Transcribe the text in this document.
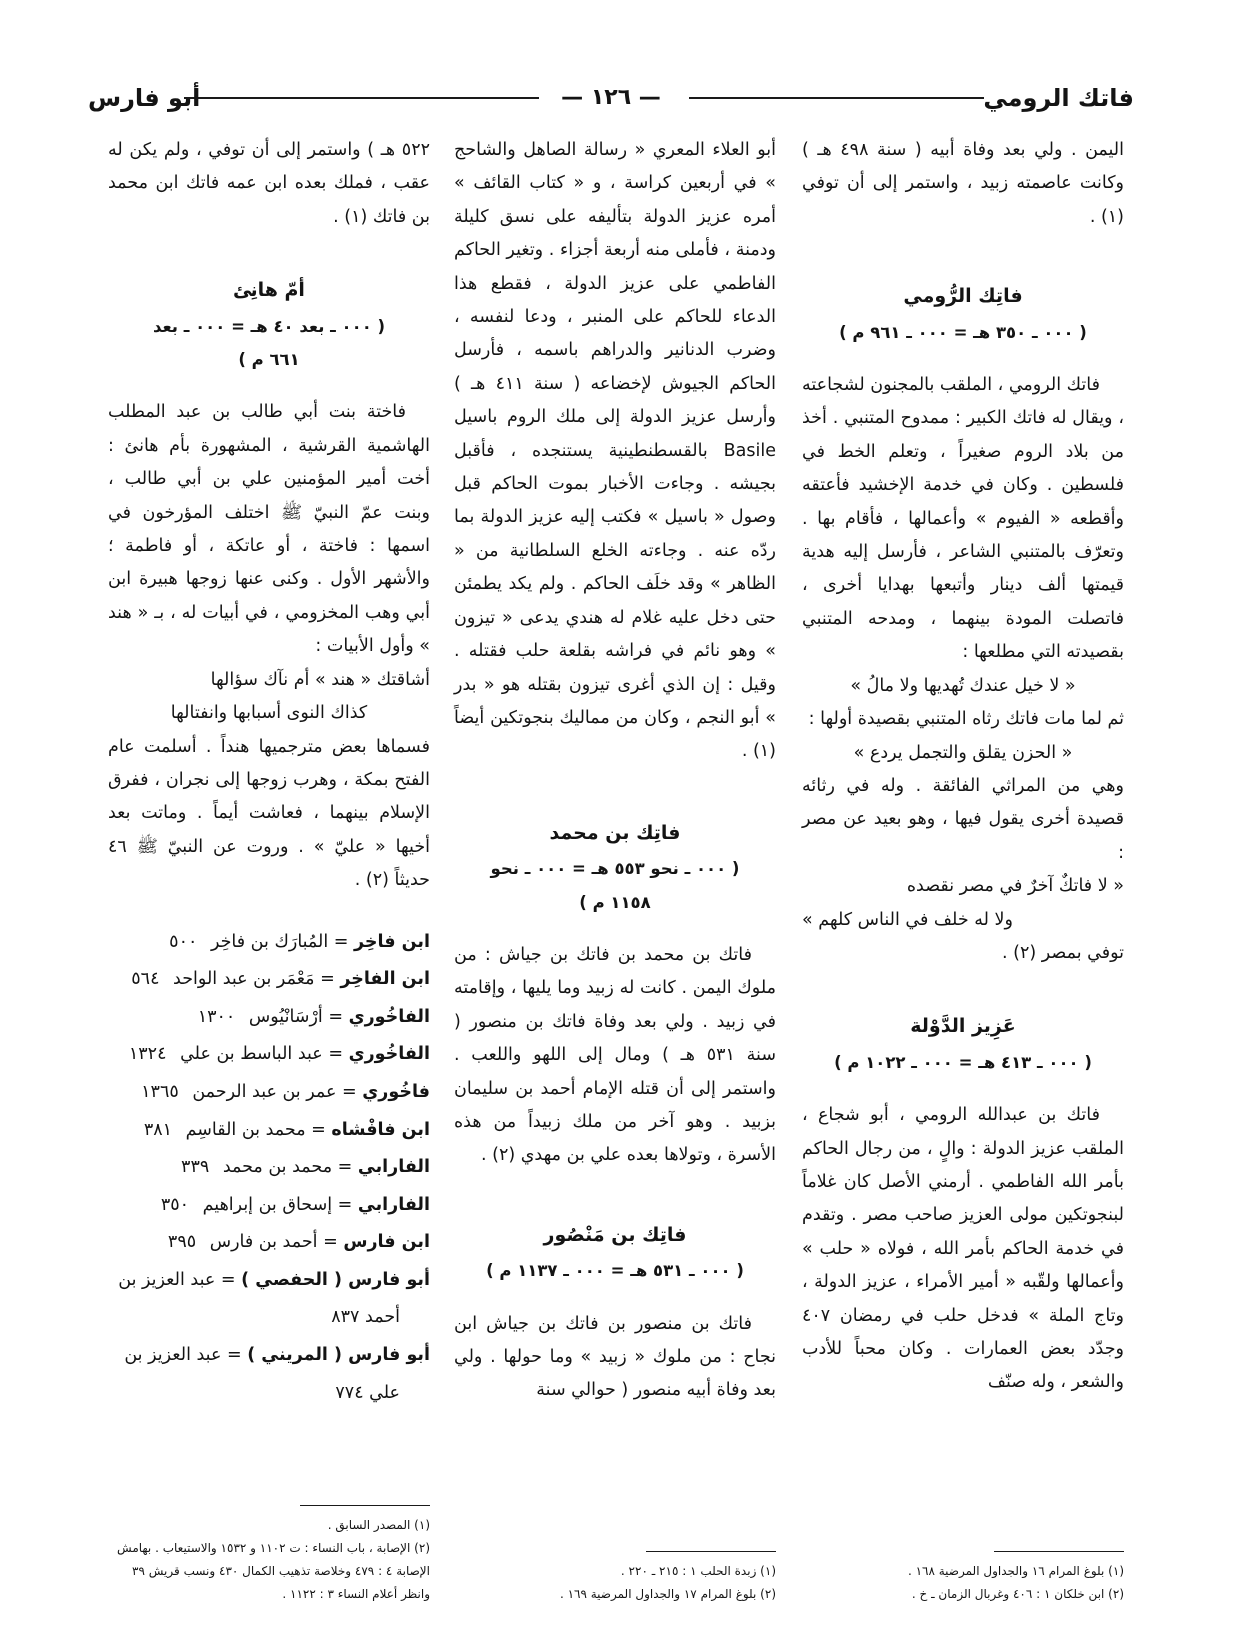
فاتك الرومي
— ١٢٦ —
أبو فارس

اليمن . ولي بعد وفاة أبيه ( سنة ٤٩٨ هـ ) وكانت عاصمته زبيد ، واستمر إلى أن توفي (١) .

فاتِك الرُّومي
( ٠٠٠ ـ ٣٥٠ هـ = ٠٠٠ ـ ٩٦١ م )

فاتك الرومي ، الملقب بالمجنون لشجاعته ، ويقال له فاتك الكبير : ممدوح المتنبي . أخذ من بلاد الروم صغيراً ، وتعلم الخط في فلسطين . وكان في خدمة الإخشيد فأعتقه وأقطعه « الفيوم » وأعمالها ، فأقام بها . وتعرّف بالمتنبي الشاعر ، فأرسل إليه هدية قيمتها ألف دينار وأتبعها بهدايا أخرى ، فاتصلت المودة بينهما ، ومدحه المتنبي بقصيدته التي مطلعها :

« لا خيل عندك تُهديها ولا مالُ »

ثم لما مات فاتك رثاه المتنبي بقصيدة أولها :

« الحزن يقلق والتجمل يردع »

وهي من المراثي الفائقة . وله في رثائه قصيدة أخرى يقول فيها ، وهو بعيد عن مصر :

« لا فاتكٌ آخرٌ في مصر نقصده

ولا له خلف في الناس كلهم »

توفي بمصر (٢) .

عَزِيز الدَّوْلة
( ٠٠٠ ـ ٤١٣ هـ = ٠٠٠ ـ ١٠٢٢ م )

فاتك بن عبدالله الرومي ، أبو شجاع ، الملقب عزيز الدولة : والٍ ، من رجال الحاكم بأمر الله الفاطمي . أرمني الأصل كان غلاماً لبنجوتكين مولى العزيز صاحب مصر . وتقدم في خدمة الحاكم بأمر الله ، فولاه « حلب » وأعمالها ولقّبه « أمير الأمراء ، عزيز الدولة ، وتاج الملة » فدخل حلب في رمضان ٤٠٧ وجدّد بعض العمارات . وكان محباً للأدب والشعر ، وله صنّف

(١) بلوغ المرام ١٦ والجداول المرضية ١٦٨ .

(٢) ابن خلكان ١ : ٤٠٦ وغربال الزمان ـ خ .

أبو العلاء المعري « رسالة الصاهل والشاحج » في أربعين كراسة ، و « كتاب القائف » أمره عزيز الدولة بتأليفه على نسق كليلة ودمنة ، فأملى منه أربعة أجزاء . وتغير الحاكم الفاطمي على عزيز الدولة ، فقطع هذا الدعاء للحاكم على المنبر ، ودعا لنفسه ، وضرب الدنانير والدراهم باسمه ، فأرسل الحاكم الجيوش لإخضاعه ( سنة ٤١١ هـ ) وأرسل عزيز الدولة إلى ملك الروم باسيل Basile بالقسطنطينية يستنجده ، فأقبل بجيشه . وجاءت الأخبار بموت الحاكم قبل وصول « باسيل » فكتب إليه عزيز الدولة بما ردّه عنه . وجاءته الخلع السلطانية من « الظاهر » وقد خلَف الحاكم . ولم يكد يطمئن حتى دخل عليه غلام له هندي يدعى « تيزون » وهو نائم في فراشه بقلعة حلب فقتله . وقيل : إن الذي أغرى تيزون بقتله هو « بدر » أبو النجم ، وكان من مماليك بنجوتكين أيضاً (١) .

فاتِك بن محمد
( ٠٠٠ ـ نحو ٥٥٣ هـ = ٠٠٠ ـ نحو
١١٥٨ م )

فاتك بن محمد بن فاتك بن جياش : من ملوك اليمن . كانت له زبيد وما يليها ، وإقامته في زبيد . ولي بعد وفاة فاتك بن منصور ( سنة ٥٣١ هـ ) ومال إلى اللهو واللعب . واستمر إلى أن قتله الإمام أحمد بن سليمان بزبيد . وهو آخر من ملك زبيداً من هذه الأسرة ، وتولاها بعده علي بن مهدي (٢) .

فاتِك بن مَنْصُور
( ٠٠٠ ـ ٥٣١ هـ = ٠٠٠ ـ ١١٣٧ م )

فاتك بن منصور بن فاتك بن جياش ابن نجاح : من ملوك « زبيد » وما حولها . ولي بعد وفاة أبيه منصور ( حوالي سنة

(١) زبدة الحلب ١ : ٢١٥ ـ ٢٢٠ .

(٢) بلوغ المرام ١٧ والجداول المرضية ١٦٩ .

٥٢٢ هـ ) واستمر إلى أن توفي ، ولم يكن له عقب ، فملك بعده ابن عمه فاتك ابن محمد بن فاتك (١) .

أمّ هانِئ
( ٠٠٠ ـ بعد ٤٠ هـ = ٠٠٠ ـ بعد
٦٦١ م )

فاختة بنت أبي طالب بن عبد المطلب الهاشمية القرشية ، المشهورة بأم هانئ : أخت أمير المؤمنين علي بن أبي طالب ، وبنت عمّ النبيّ ﷺ اختلف المؤرخون في اسمها : فاختة ، أو عاتكة ، أو فاطمة ؛ والأشهر الأول . وكنى عنها زوجها هبيرة ابن أبي وهب المخزومي ، في أبيات له ، بـ « هند » وأول الأبيات :

أشاقتك « هند » أم نآك سؤالها

كذاك النوى أسبابها وانفتالها

فسماها بعض مترجميها هنداً . أسلمت عام الفتح بمكة ، وهرب زوجها إلى نجران ، ففرق الإسلام بينهما ، فعاشت أيماً . وماتت بعد أخيها « عليّ » . وروت عن النبيّ ﷺ ٤٦ حديثاً (٢) .

ابن فاخِر = المُبارَك بن فاخِر ٥٠٠

ابن الفاخِر = مَعْمَر بن عبد الواحد ٥٦٤

الفاخُوري = أرْسَانْيُوس ١٣٠٠

الفاخُوري = عبد الباسط بن علي ١٣٢٤

فاخُوري = عمر بن عبد الرحمن ١٣٦٥

ابن فافْشاه = محمد بن القاسِم ٣٨١

الفارابي = محمد بن محمد ٣٣٩

الفارابي = إسحاق بن إبراهيم ٣٥٠

ابن فارس = أحمد بن فارس ٣٩٥

أبو فارس ( الحفصي ) = عبد العزيز بن

أحمد ٨٣٧

أبو فارس ( المريني ) = عبد العزيز بن

علي ٧٧٤

(١) المصدر السابق .

(٢) الإصابة ، باب النساء : ت ١١٠٢ و ١٥٣٢ والاستيعاب . بهامش الإصابة ٤ : ٤٧٩ وخلاصة تذهيب الكمال ٤٣٠ ونسب قريش ٣٩ وانظر أعلام النساء ٣ : ١١٢٢ .
